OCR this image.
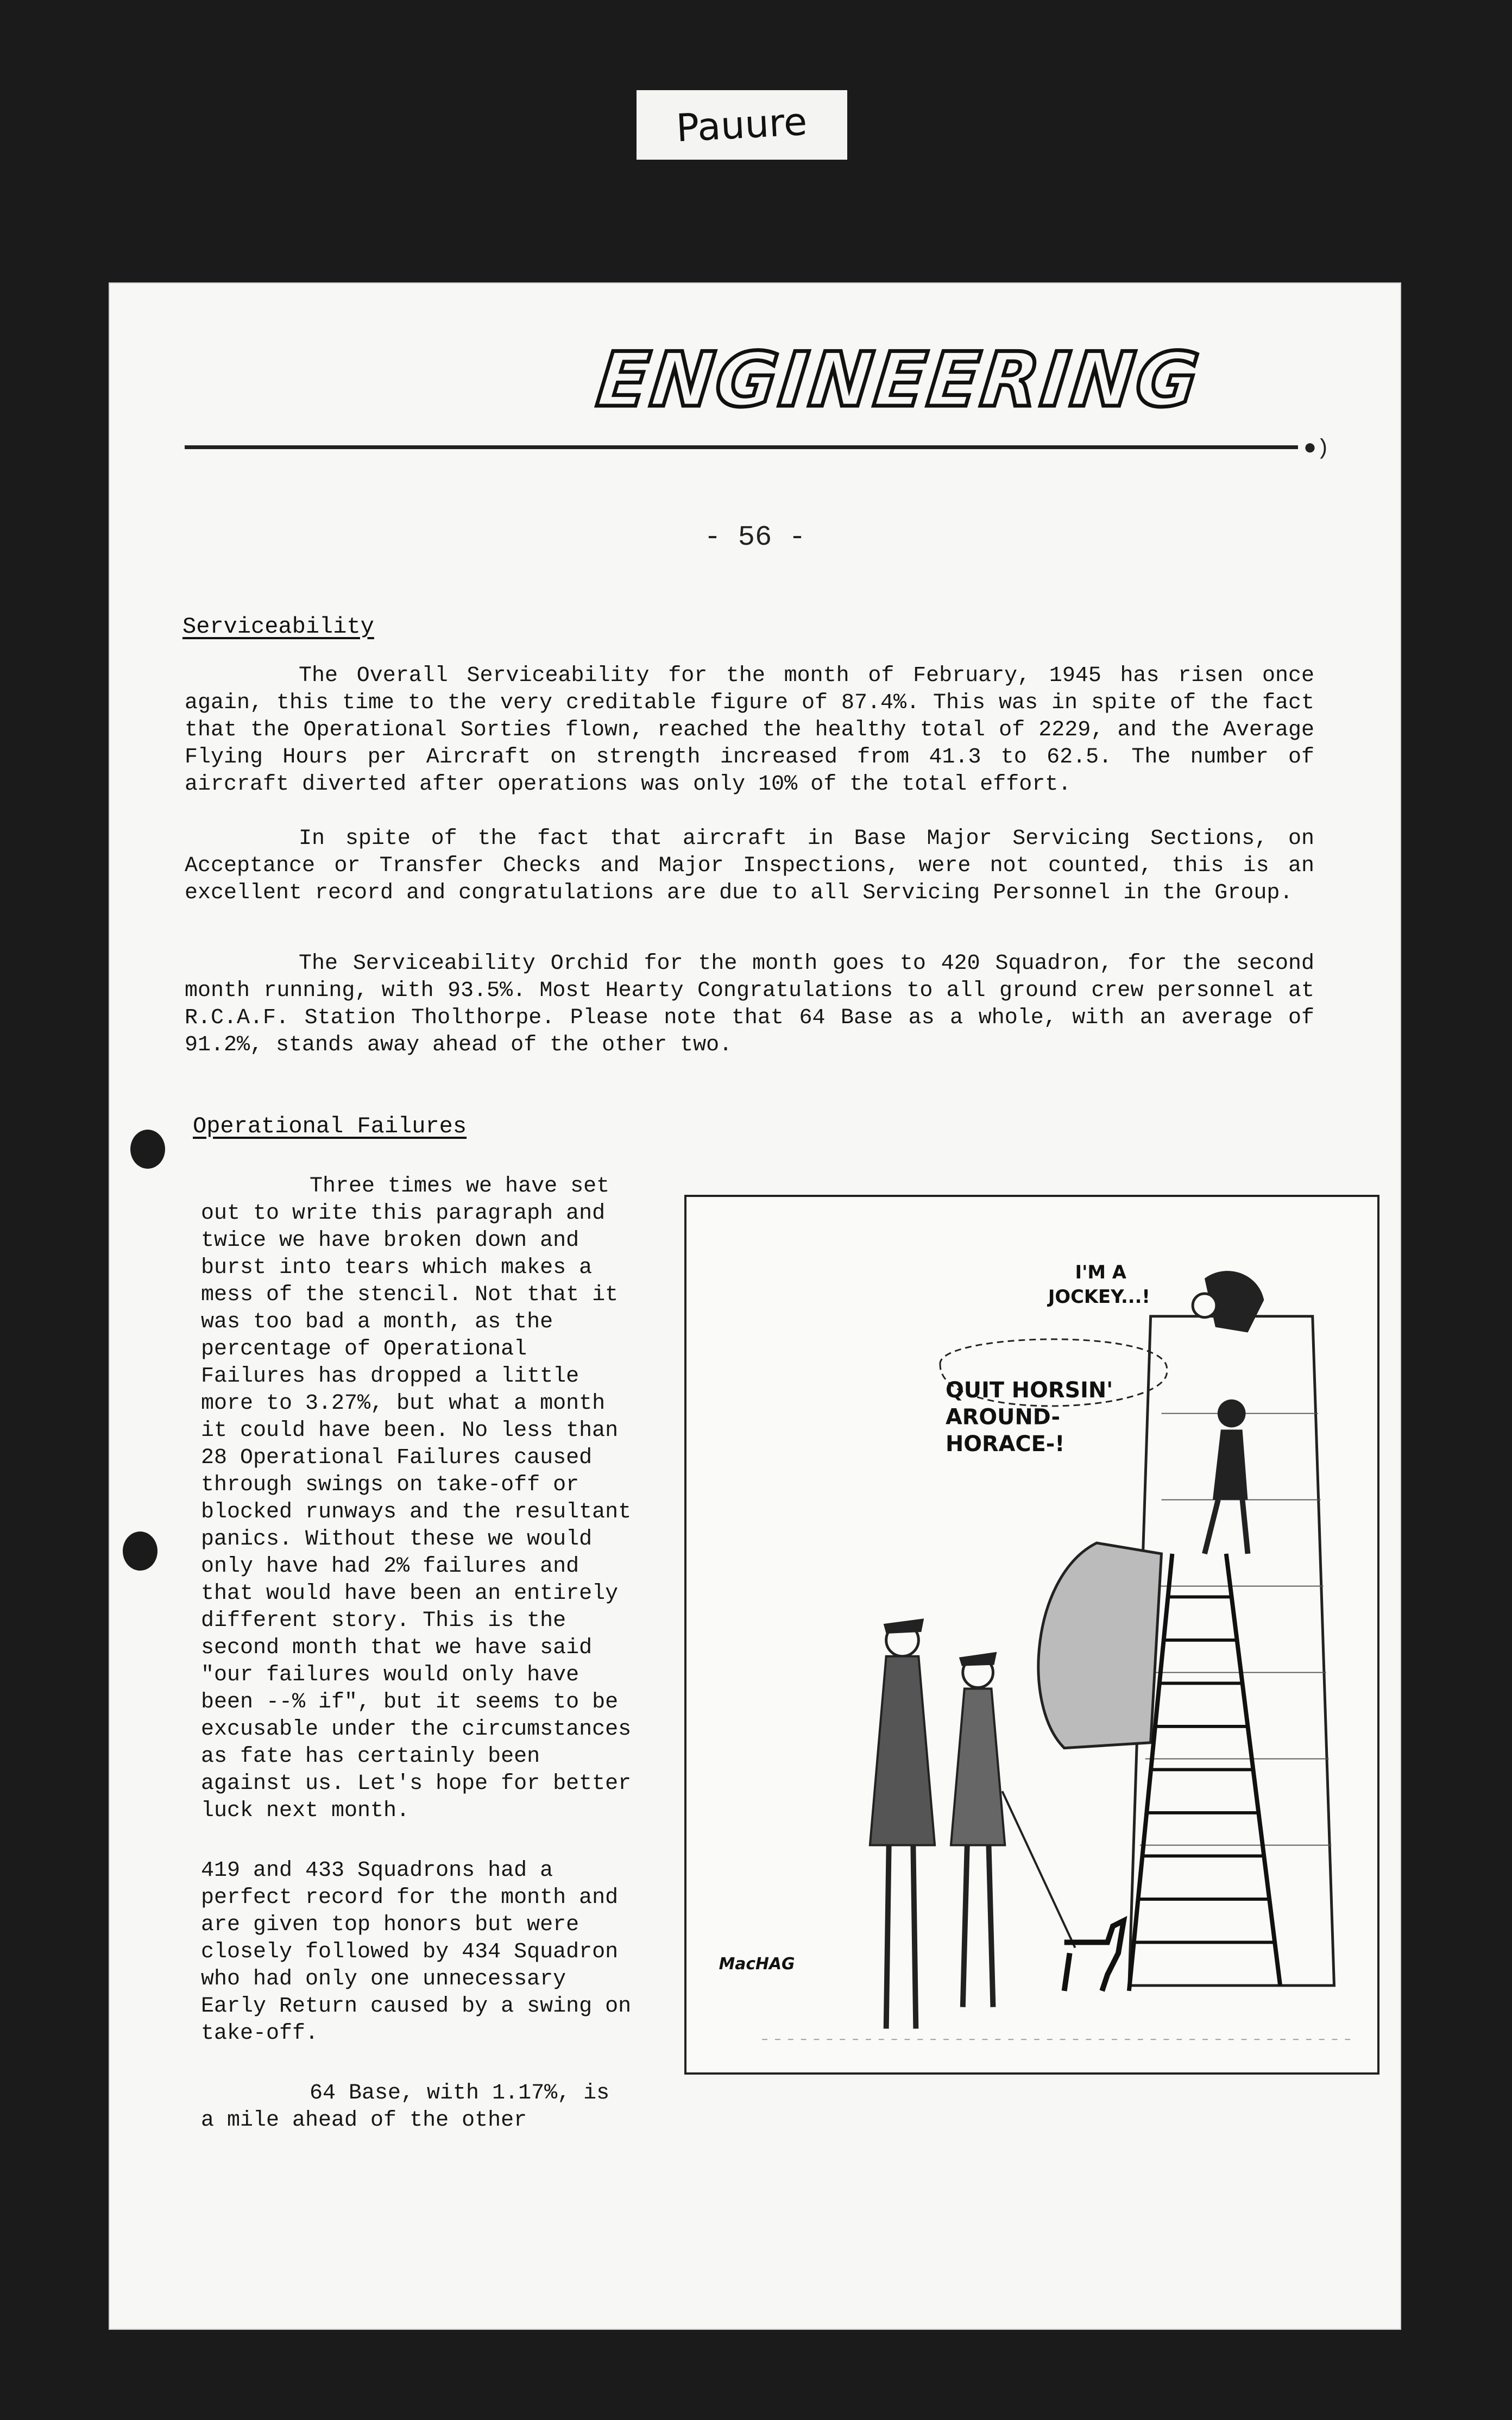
Pauure
ENGINEERING
●)
- 56 -
Serviceability

The Overall Serviceability for the month of February, 1945 has risen once again, this time to the very creditable figure of 87.4%. This was in spite of the fact that the Operational Sorties flown, reached the healthy total of 2229, and the Average Flying Hours per Aircraft on strength increased from 41.3 to 62.5. The number of aircraft diverted after operations was only 10% of the total effort.

In spite of the fact that aircraft in Base Major Servicing Sections, on Acceptance or Transfer Checks and Major Inspections, were not counted, this is an excellent record and congratulations are due to all Servicing Personnel in the Group.

The Serviceability Orchid for the month goes to 420 Squadron, for the second month running, with 93.5%. Most Hearty Congratulations to all ground crew personnel at R.C.A.F. Station Tholthorpe. Please note that 64 Base as a whole, with an average of 91.2%, stands away ahead of the other two.

Operational Failures

Three times we have set out to write this paragraph and twice we have broken down and burst into tears which makes a mess of the stencil. Not that it was too bad a month, as the percentage of Operational Failures has dropped a little more to 3.27%, but what a month it could have been. No less than 28 Operational Failures caused through swings on take-off or blocked runways and the resultant panics. Without these we would only have had 2% failures and that would have been an entirely different story. This is the second month that we have said "our failures would only have been --% if", but it seems to be excusable under the circumstances as fate has certainly been against us. Let's hope for better luck next month.

419 and 433 Squadrons had a perfect record for the month and are given top honors but were closely followed by 434 Squadron who had only one unnecessary Early Return caused by a swing on take-off.

64 Base, with 1.17%, is a mile ahead of the other

I'M A
JOCKEY...!
QUIT HORSIN'
AROUND-
HORACE-!
MacHAG
